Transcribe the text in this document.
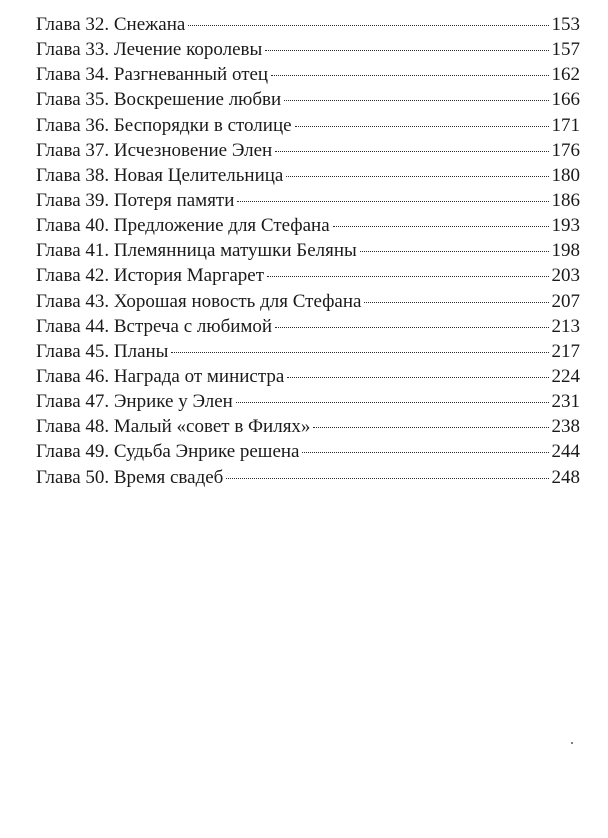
Глава 32. Снежана	153
Глава 33. Лечение королевы	157
Глава 34. Разгневанный отец	162
Глава 35. Воскрешение любви	166
Глава 36. Беспорядки в столице	171
Глава 37. Исчезновение Элен	176
Глава 38. Новая Целительница	180
Глава 39. Потеря памяти	186
Глава 40. Предложение для Стефана	193
Глава 41. Племянница матушки Беляны	198
Глава 42. История Маргарет	203
Глава 43. Хорошая новость для Стефана	207
Глава 44. Встреча с любимой	213
Глава 45. Планы	217
Глава 46. Награда от министра	224
Глава 47. Энрике у Элен	231
Глава 48. Малый «совет в Филях»	238
Глава 49. Судьба Энрике решена	244
Глава 50. Время свадеб	248
